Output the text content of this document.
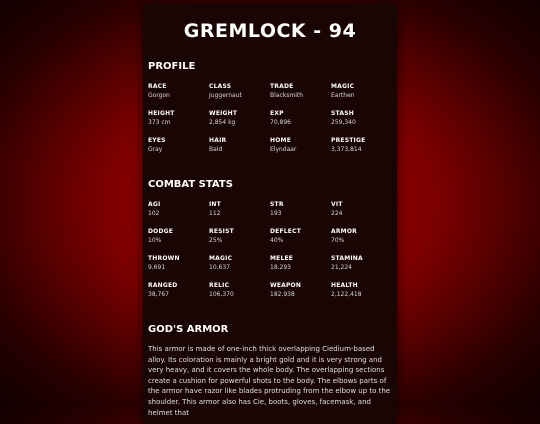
GREMLOCK - 94
PROFILE
RACE
Gorgon
CLASS
Juggernaut
TRADE
Blacksmith
MAGIC
Earthen
HEIGHT
373 cm
WEIGHT
2,854 kg
EXP
70,896
STASH
259,340
EYES
Gray
HAIR
Bald
HOME
Elyndaar
PRESTIGE
3,373,814
COMBAT STATS
AGI
102
INT
112
STR
193
VIT
224
DODGE
10%
RESIST
25%
DEFLECT
40%
ARMOR
70%
THROWN
9,691
MAGIC
10,637
MELEE
18,293
STAMINA
21,224
RANGED
38,767
RELIC
106,370
WEAPON
182,938
HEALTH
2,122,418
GOD'S ARMOR
This armor is made of one-inch thick overlapping Ciedium-based alloy. Its coloration is mainly a bright gold and it is very strong and very heavy, and it covers the whole body. The overlapping sections create a cushion for powerful shots to the body. The elbows parts of the armor have razor like blades protruding from the elbow up to the shoulder. This armor also has Cie, boots, gloves, facemask, and helmet that
